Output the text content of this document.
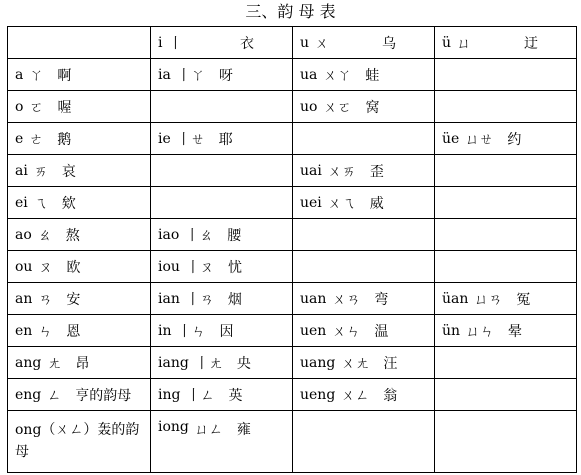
三、韵 母 表

	i 丨 衣	u ㄨ 乌	ü ㄩ 迂

a ㄚ 啊	ia 丨ㄚ 呀	ua ㄨㄚ 蛙	

o ㄛ 喔		uo ㄨㄛ 窝	

e ㄜ 鹅	ie 丨ㄝ 耶		üe ㄩㄝ 约

ai ㄞ 哀		uai ㄨㄞ 歪	

ei ㄟ 欸		uei ㄨㄟ 威	

ao ㄠ 熬	iao 丨ㄠ 腰		

ou ㄡ 欧	iou 丨ㄡ 忧		

an ㄢ 安	ian 丨ㄢ 烟	uan ㄨㄢ 弯	üan ㄩㄢ 冤

en ㄣ 恩	in 丨ㄣ 因	uen ㄨㄣ 温	ün ㄩㄣ 晕

ang ㄤ 昂	iang 丨ㄤ 央	uang ㄨㄤ 汪	

eng ㄥ 亨的韵母	ing 丨ㄥ 英	ueng ㄨㄥ 翁	

ong（ㄨㄥ）轰的韵母	iong ㄩㄥ 雍		
